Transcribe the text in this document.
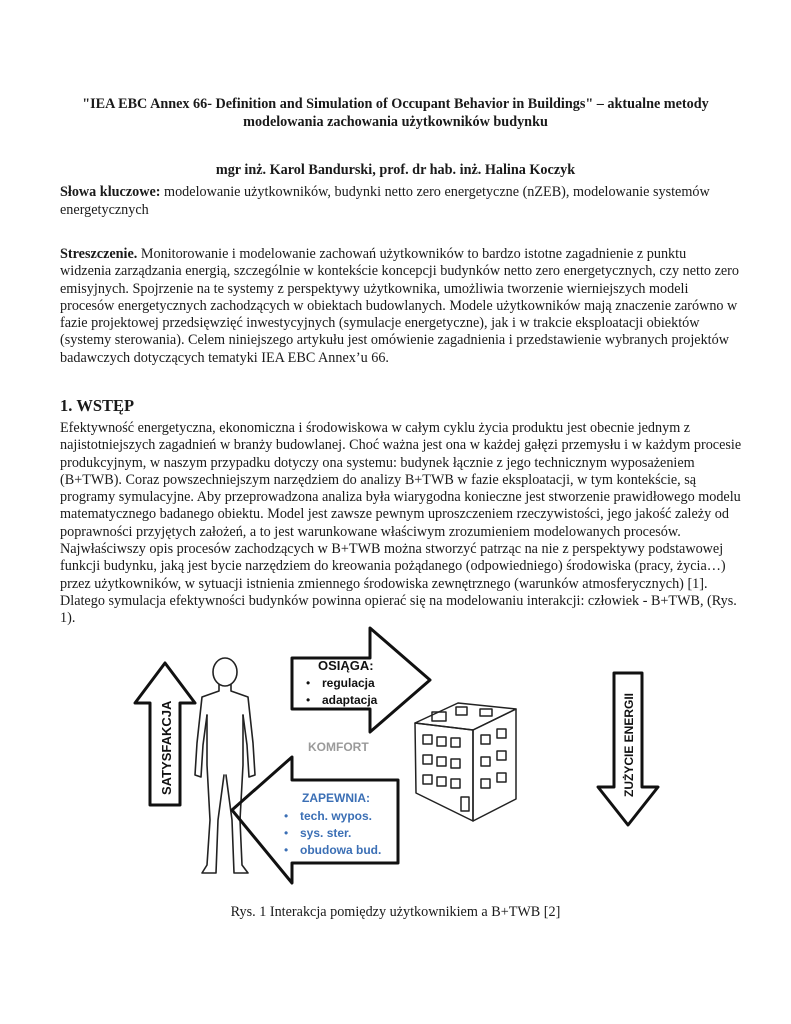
"IEA EBC Annex 66- Definition and Simulation of Occupant Behavior in Buildings" – aktualne metody modelowania zachowania użytkowników budynku
mgr inż. Karol Bandurski, prof. dr hab. inż. Halina Koczyk
Słowa kluczowe: modelowanie użytkowników, budynki netto zero energetyczne (nZEB), modelowanie systemów energetycznych
Streszczenie. Monitorowanie i modelowanie zachowań użytkowników to bardzo istotne zagadnienie z punktu widzenia zarządzania energią, szczególnie w kontekście koncepcji budynków netto zero energetycznych, czy netto zero emisyjnych. Spojrzenie na te systemy z perspektywy użytkownika, umożliwia tworzenie wierniejszych modeli procesów energetycznych zachodzących w obiektach budowlanych. Modele użytkowników mają znaczenie zarówno w fazie projektowej przedsięwzięć inwestycyjnych (symulacje energetyczne), jak i w trakcie eksploatacji obiektów (systemy sterowania). Celem niniejszego artykułu jest omówienie zagadnienia i przedstawienie wybranych projektów badawczych dotyczących tematyki IEA EBC Annex’u 66.
1. WSTĘP

Efektywność energetyczna, ekonomiczna i środowiskowa w całym cyklu życia produktu jest obecnie jednym z najistotniejszych zagadnień w branży budowlanej. Choć ważna jest ona w każdej gałęzi przemysłu i w każdym procesie produkcyjnym, w naszym przypadku dotyczy ona systemu: budynek łącznie z jego technicznym wyposażeniem (B+TWB). Coraz powszechniejszym narzędziem do analizy B+TWB w fazie eksploatacji, w tym kontekście, są programy symulacyjne. Aby przeprowadzona analiza była wiarygodna konieczne jest stworzenie prawidłowego modelu matematycznego badanego obiektu. Model jest zawsze pewnym uproszczeniem rzeczywistości, jego jakość zależy od poprawności przyjętych założeń, a to jest warunkowane właściwym zrozumieniem modelowanych procesów. Najwłaściwszy opis procesów zachodzących w B+TWB można stworzyć patrząc na nie z perspektywy podstawowej funkcji budynku, jaką jest bycie narzędziem do kreowania pożądanego (odpowiedniego) środowiska (pracy, życia…) przez użytkowników, w sytuacji istnienia zmiennego środowiska zewnętrznego (warunków atmosferycznych) [1]. Dlatego symulacja efektywności budynków powinna opierać się na modelowaniu interakcji: człowiek - B+TWB, (Rys. 1).

SATYSFAKCJA
OSIĄGA:
• regulacja
• adaptacja
KOMFORT
ZAPEWNIA:
• tech. wypos.
• sys. ster.
• obudowa bud.
ZUŻYCIE ENERGII
Rys. 1 Interakcja pomiędzy użytkownikiem a B+TWB [2]
